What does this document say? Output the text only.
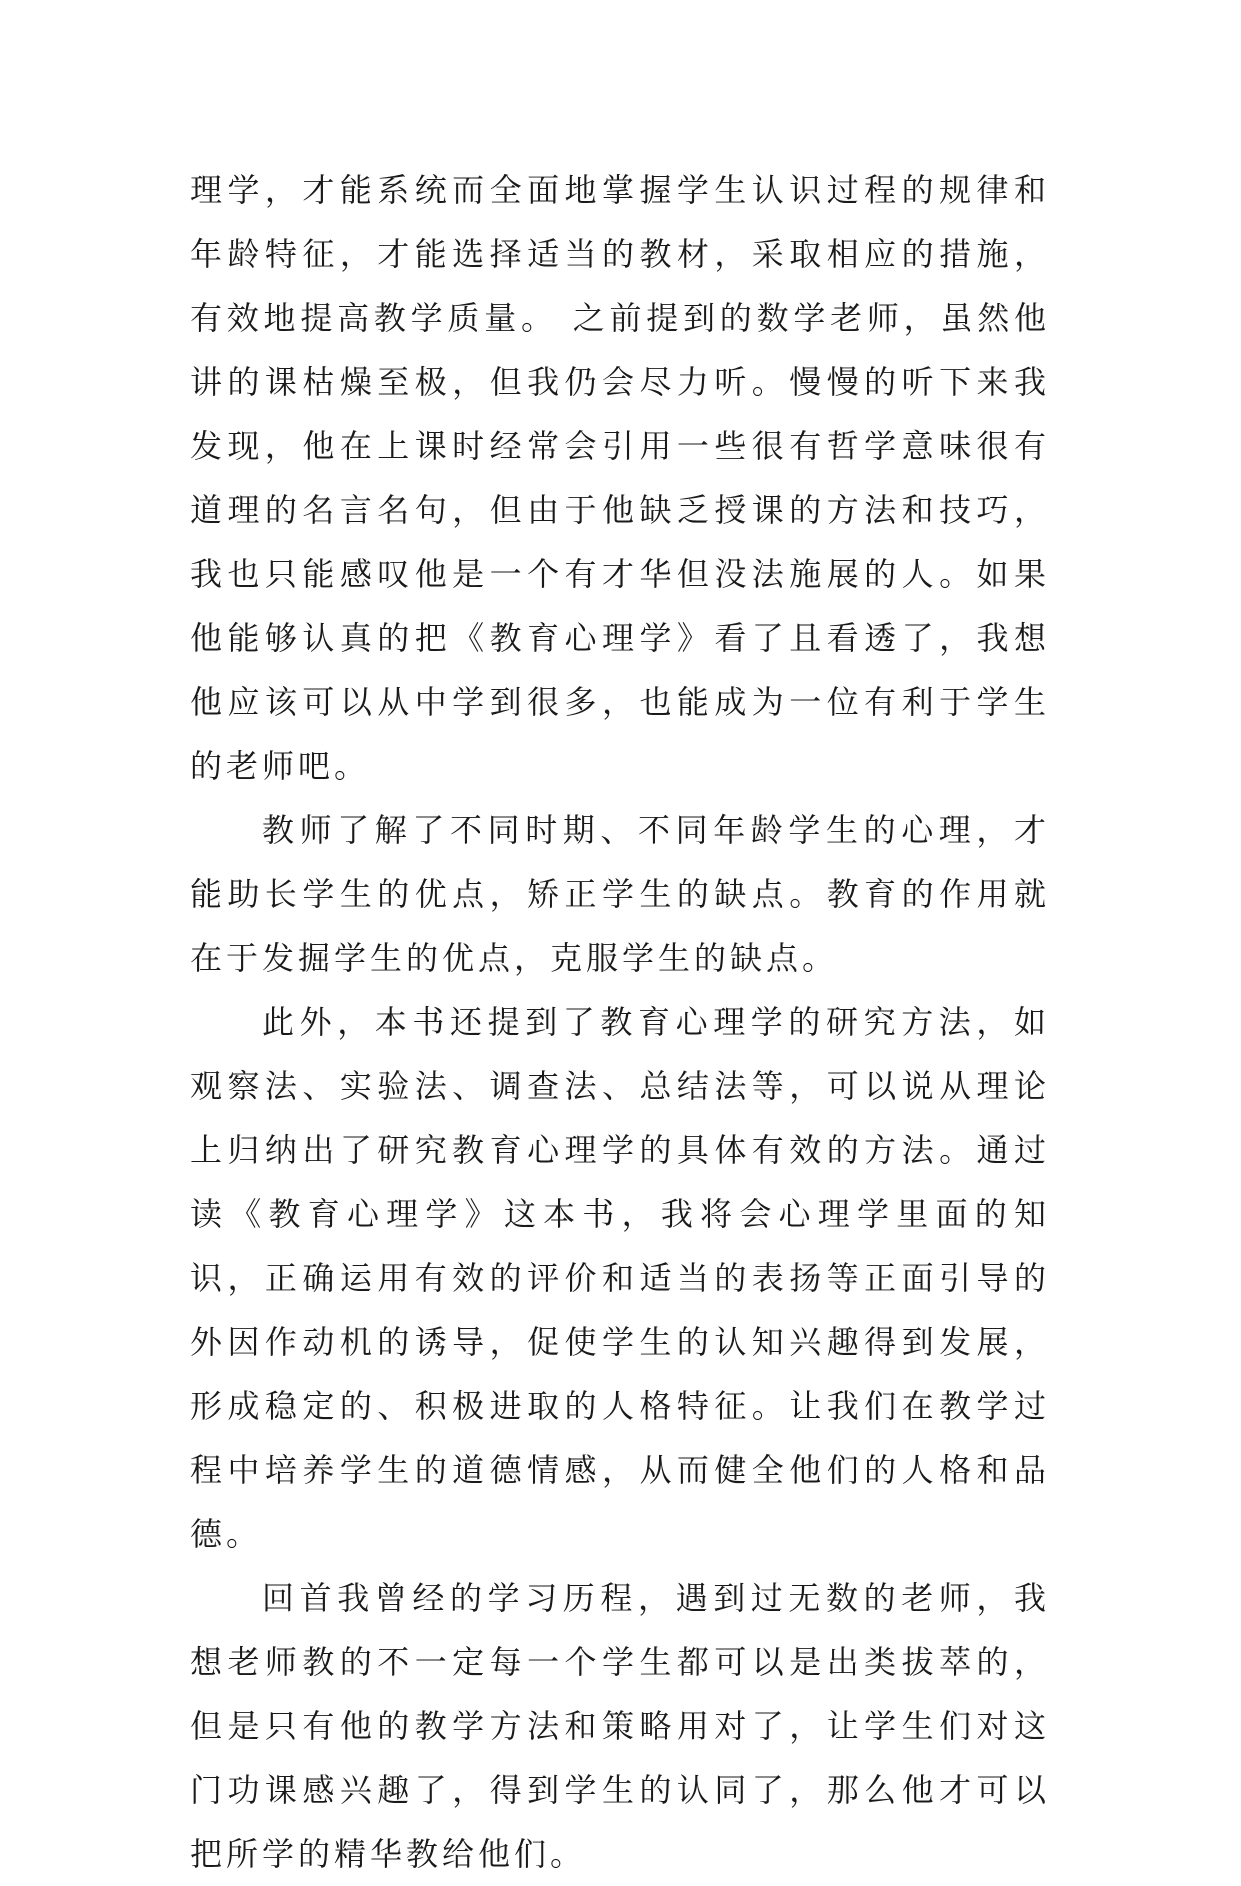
理学，才能系统而全面地掌握学生认识过程的规律和年龄特征，才能选择适当的教材，采取相应的措施，有效地提高教学质量。 之前提到的数学老师，虽然他讲的课枯燥至极，但我仍会尽力听。慢慢的听下来我发现，他在上课时经常会引用一些很有哲学意味很有道理的名言名句，但由于他缺乏授课的方法和技巧，我也只能感叹他是一个有才华但没法施展的人。如果他能够认真的把《教育心理学》看了且看透了，我想他应该可以从中学到很多，也能成为一位有利于学生的老师吧。

教师了解了不同时期、不同年龄学生的心理，才能助长学生的优点，矫正学生的缺点。教育的作用就在于发掘学生的优点，克服学生的缺点。

此外，本书还提到了教育心理学的研究方法，如观察法、实验法、调查法、总结法等，可以说从理论上归纳出了研究教育心理学的具体有效的方法。通过读《教育心理学》这本书，我将会心理学里面的知识，正确运用有效的评价和适当的表扬等正面引导的外因作动机的诱导，促使学生的认知兴趣得到发展，形成稳定的、积极进取的人格特征。让我们在教学过程中培养学生的道德情感，从而健全他们的人格和品德。

回首我曾经的学习历程，遇到过无数的老师，我想老师教的不一定每一个学生都可以是出类拔萃的，但是只有他的教学方法和策略用对了，让学生们对这门功课感兴趣了，得到学生的认同了，那么他才可以把所学的精华教给他们。
